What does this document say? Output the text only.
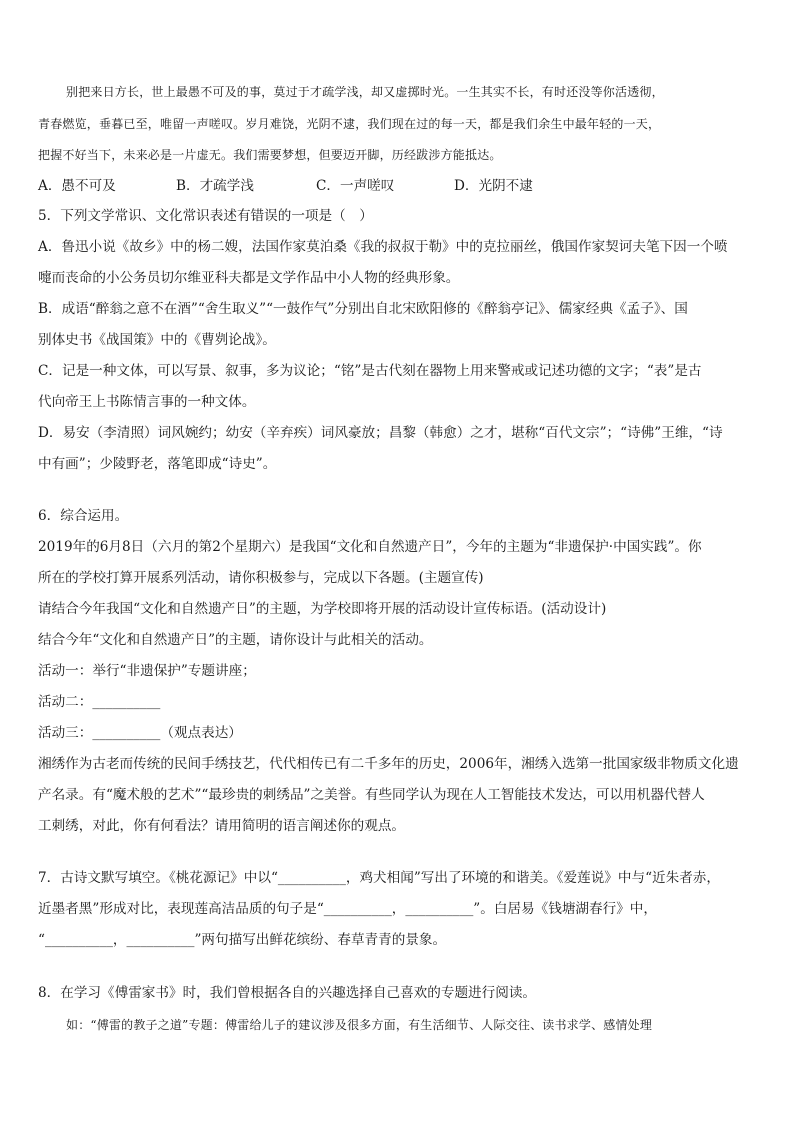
别把来日方长，世上最愚不可及的事，莫过于才疏学浅，却又虚掷时光。一生其实不长，有时还没等你活透彻，
青春燃览，垂暮已至，唯留一声嗟叹。岁月难饶，光阴不逮，我们现在过的每一天，都是我们余生中最年轻的一天，
把握不好当下，未来必是一片虚无。我们需要梦想，但要迈开脚，历经跋涉方能抵达。
A．愚不可及	B．才疏学浅	C．一声嗟叹	D．光阴不逮
5．下列文学常识、文化常识表述有错误的一项是（　）
A．鲁迅小说《故乡》中的杨二嫂，法国作家莫泊桑《我的叔叔于勒》中的克拉丽丝，俄国作家契诃夫笔下因一个喷
嚏而丧命的小公务员切尔维亚科夫都是文学作品中小人物的经典形象。
B．成语“醉翁之意不在酒”“舍生取义”“一鼓作气”分别出自北宋欧阳修的《醉翁亭记》、儒家经典《孟子》、国
别体史书《战国策》中的《曹刿论战》。
C．记是一种文体，可以写景、叙事，多为议论；“铭”是古代刻在器物上用来警戒或记述功德的文字；“表”是古
代向帝王上书陈情言事的一种文体。
D．易安（李清照）词风婉约；幼安（辛弃疾）词风豪放；昌黎（韩愈）之才，堪称“百代文宗”；“诗佛”王维，“诗
中有画”；少陵野老，落笔即成“诗史”。
6．综合运用。
2019年的6月8日（六月的第2个星期六）是我国“文化和自然遗产日”，今年的主题为“非遗保护·中国实践”。你
所在的学校打算开展系列活动，请你积极参与，完成以下各题。(主题宣传)
请结合今年我国“文化和自然遗产日”的主题，为学校即将开展的活动设计宣传标语。(活动设计)
结合今年“文化和自然遗产日”的主题，请你设计与此相关的活动。
活动一：举行“非遗保护”专题讲座；
活动二：__________
活动三：__________（观点表达）
湘绣作为古老而传统的民间手绣技艺，代代相传已有二千多年的历史，2006年，湘绣入选第一批国家级非物质文化遗
产名录。有“魔术般的艺术”“最珍贵的刺绣品”之美誉。有些同学认为现在人工智能技术发达，可以用机器代替人
工刺绣，对此，你有何看法？请用简明的语言阐述你的观点。
7．古诗文默写填空。《桃花源记》中以“__________，鸡犬相闻”写出了环境的和谐美。《爱莲说》中与“近朱者赤，
近墨者黑”形成对比，表现莲高洁品质的句子是“__________，__________”。白居易《钱塘湖春行》中，
“__________，__________”两句描写出鲜花缤纷、春草青青的景象。
8．在学习《傅雷家书》时，我们曾根据各自的兴趣选择自己喜欢的专题进行阅读。
如：“傅雷的教子之道”专题：傅雷给儿子的建议涉及很多方面，有生活细节、人际交往、读书求学、感情处理
